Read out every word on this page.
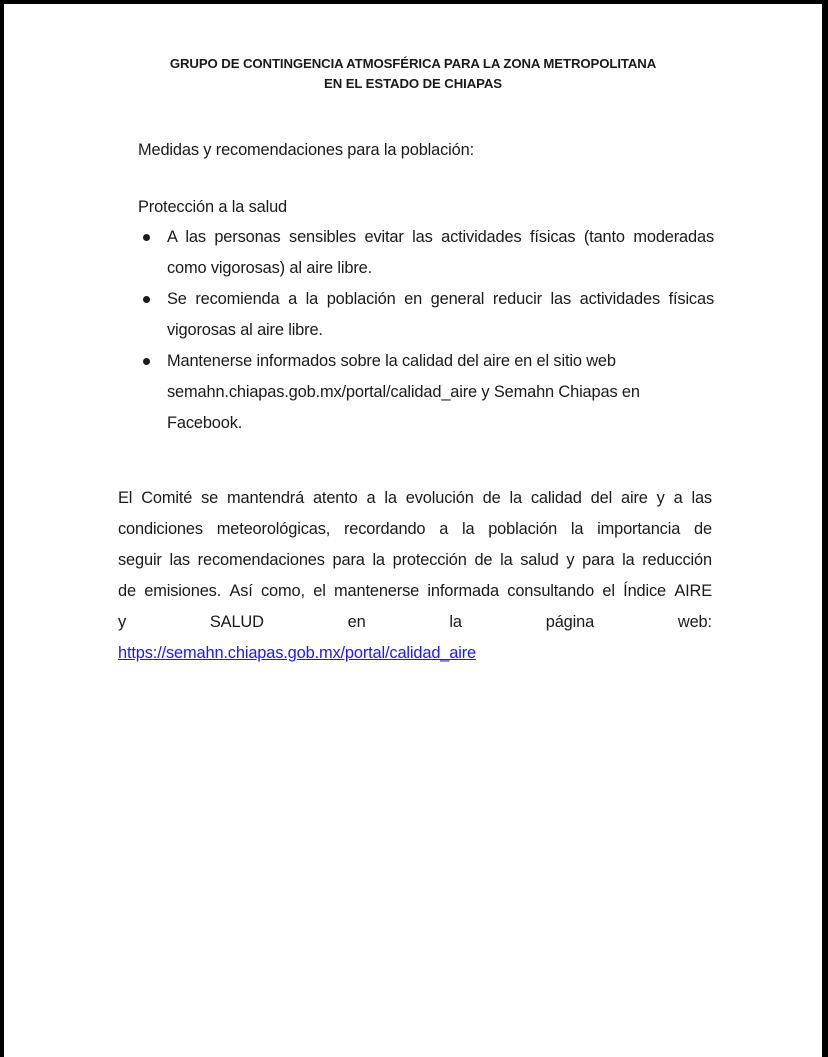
GRUPO DE CONTINGENCIA ATMOSFÉRICA PARA LA ZONA METROPOLITANA
EN EL ESTADO DE CHIAPAS
Medidas y recomendaciones para la población:
Protección a la salud
A las personas sensibles evitar las actividades físicas (tanto moderadas
como vigorosas) al aire libre.
Se recomienda a la población en general reducir las actividades físicas
vigorosas al aire libre.
Mantenerse informados sobre la calidad del aire en el sitio web
semahn.chiapas.gob.mx/portal/calidad_aire y Semahn Chiapas en
Facebook.
El Comité se mantendrá atento a la evolución de la calidad del aire y a las
condiciones meteorológicas, recordando a la población la importancia de
seguir las recomendaciones para la protección de la salud y para la reducción
de emisiones. Así como, el mantenerse informada consultando el Índice AIRE
y	SALUD	en	la	página	web:
https://semahn.chiapas.gob.mx/portal/calidad_aire
